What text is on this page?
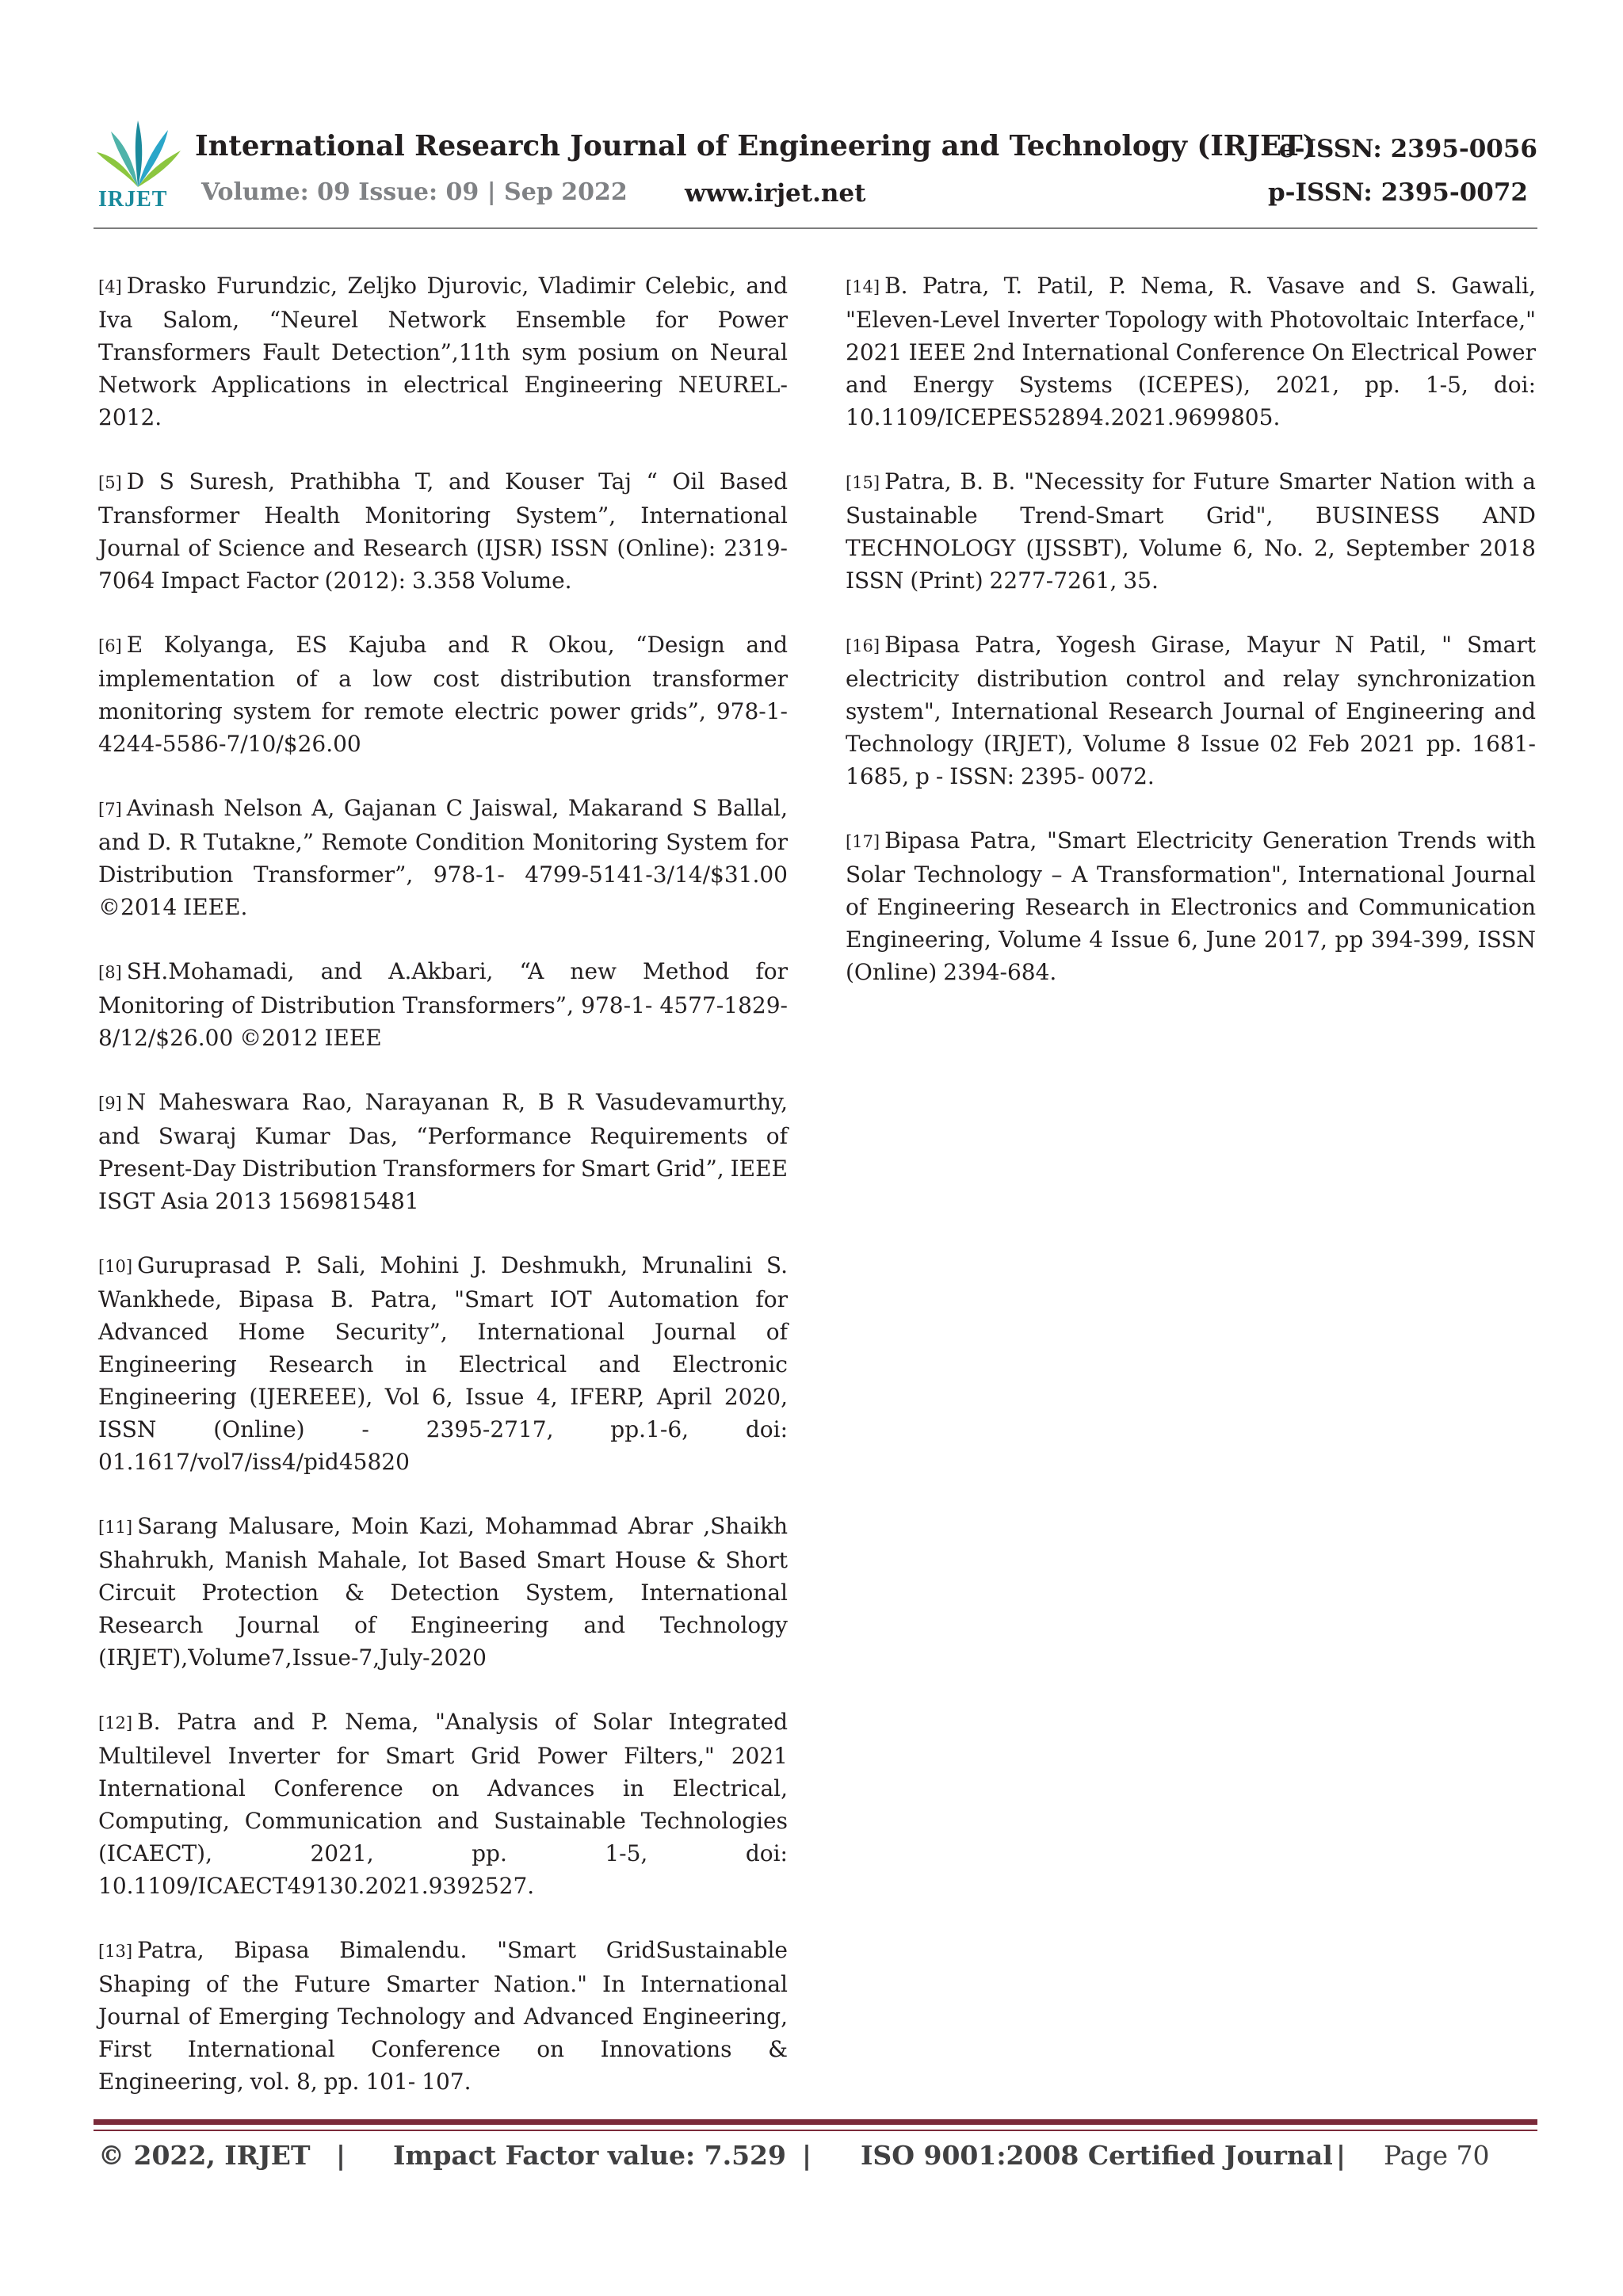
IRJET
International Research Journal of Engineering and Technology (IRJET)
e-ISSN: 2395-0056
Volume: 09 Issue: 09 | Sep 2022 www.irjet.net	p-ISSN: 2395-0072

[4] Drasko Furundzic, Zeljko Djurovic, Vladimir Celebic, and Iva Salom, “Neurel Network Ensemble for Power Transformers Fault Detection”,11th sym posium on Neural Network Applications in electrical Engineering NEUREL-2012.

[5] D S Suresh, Prathibha T, and Kouser Taj “ Oil Based Transformer Health Monitoring System”, International Journal of Science and Research (IJSR) ISSN (Online): 2319-7064 Impact Factor (2012): 3.358 Volume.

[6] E Kolyanga, ES Kajuba and R Okou, “Design and implementation of a low cost distribution transformer monitoring system for remote electric power grids”, 978-1-4244-5586-7/10/$26.00

[7] Avinash Nelson A, Gajanan C Jaiswal, Makarand S Ballal, and D. R Tutakne,” Remote Condition Monitoring System for Distribution Transformer”, 978-1- 4799-5141-3/14/$31.00 ©2014 IEEE.

[8] SH.Mohamadi, and A.Akbari, “A new Method for Monitoring of Distribution Transformers”, 978-1- 4577-1829-8/12/$26.00 ©2012 IEEE

[9] N Maheswara Rao, Narayanan R, B R Vasudevamurthy, and Swaraj Kumar Das, “Performance Requirements of Present-Day Distribution Transformers for Smart Grid”, IEEE ISGT Asia 2013 1569815481

[10] Guruprasad P. Sali, Mohini J. Deshmukh, Mrunalini S. Wankhede, Bipasa B. Patra, "Smart IOT Automation for Advanced Home Security”, International Journal of Engineering Research in Electrical and Electronic Engineering (IJEREEE), Vol 6, Issue 4, IFERP, April 2020, ISSN (Online) - 2395-2717, pp.1-6, doi: 01.1617/vol7/iss4/pid45820

[11] Sarang Malusare, Moin Kazi, Mohammad Abrar ,Shaikh Shahrukh, Manish Mahale, Iot Based Smart House & Short Circuit Protection & Detection System, International Research Journal of Engineering and Technology (IRJET),Volume7,Issue-7,July-2020

[12] B. Patra and P. Nema, "Analysis of Solar Integrated Multilevel Inverter for Smart Grid Power Filters," 2021 International Conference on Advances in Electrical, Computing, Communication and Sustainable Technologies (ICAECT), 2021, pp. 1-5, doi: 10.1109/ICAECT49130.2021.9392527.

[13] Patra, Bipasa Bimalendu. "Smart GridSustainable Shaping of the Future Smarter Nation." In International Journal of Emerging Technology and Advanced Engineering, First International Conference on Innovations & Engineering, vol. 8, pp. 101- 107.

[14] B. Patra, T. Patil, P. Nema, R. Vasave and S. Gawali, "Eleven-Level Inverter Topology with Photovoltaic Interface," 2021 IEEE 2nd International Conference On Electrical Power and Energy Systems (ICEPES), 2021, pp. 1-5, doi: 10.1109/ICEPES52894.2021.9699805.

[15] Patra, B. B. "Necessity for Future Smarter Nation with a Sustainable Trend-Smart Grid", BUSINESS AND TECHNOLOGY (IJSSBT), Volume 6, No. 2, September 2018 ISSN (Print) 2277-7261, 35.

[16] Bipasa Patra, Yogesh Girase, Mayur N Patil, " Smart electricity distribution control and relay synchronization system", International Research Journal of Engineering and Technology (IRJET), Volume 8 Issue 02 Feb 2021 pp. 1681-1685, p - ISSN: 2395- 0072.

[17] Bipasa Patra, "Smart Electricity Generation Trends with Solar Technology – A Transformation", International Journal of Engineering Research in Electronics and Communication Engineering, Volume 4 Issue 6, June 2017, pp 394-399, ISSN (Online) 2394-684.

© 2022, IRJET | Impact Factor value: 7.529 | ISO 9001:2008 Certified Journal | Page 70
